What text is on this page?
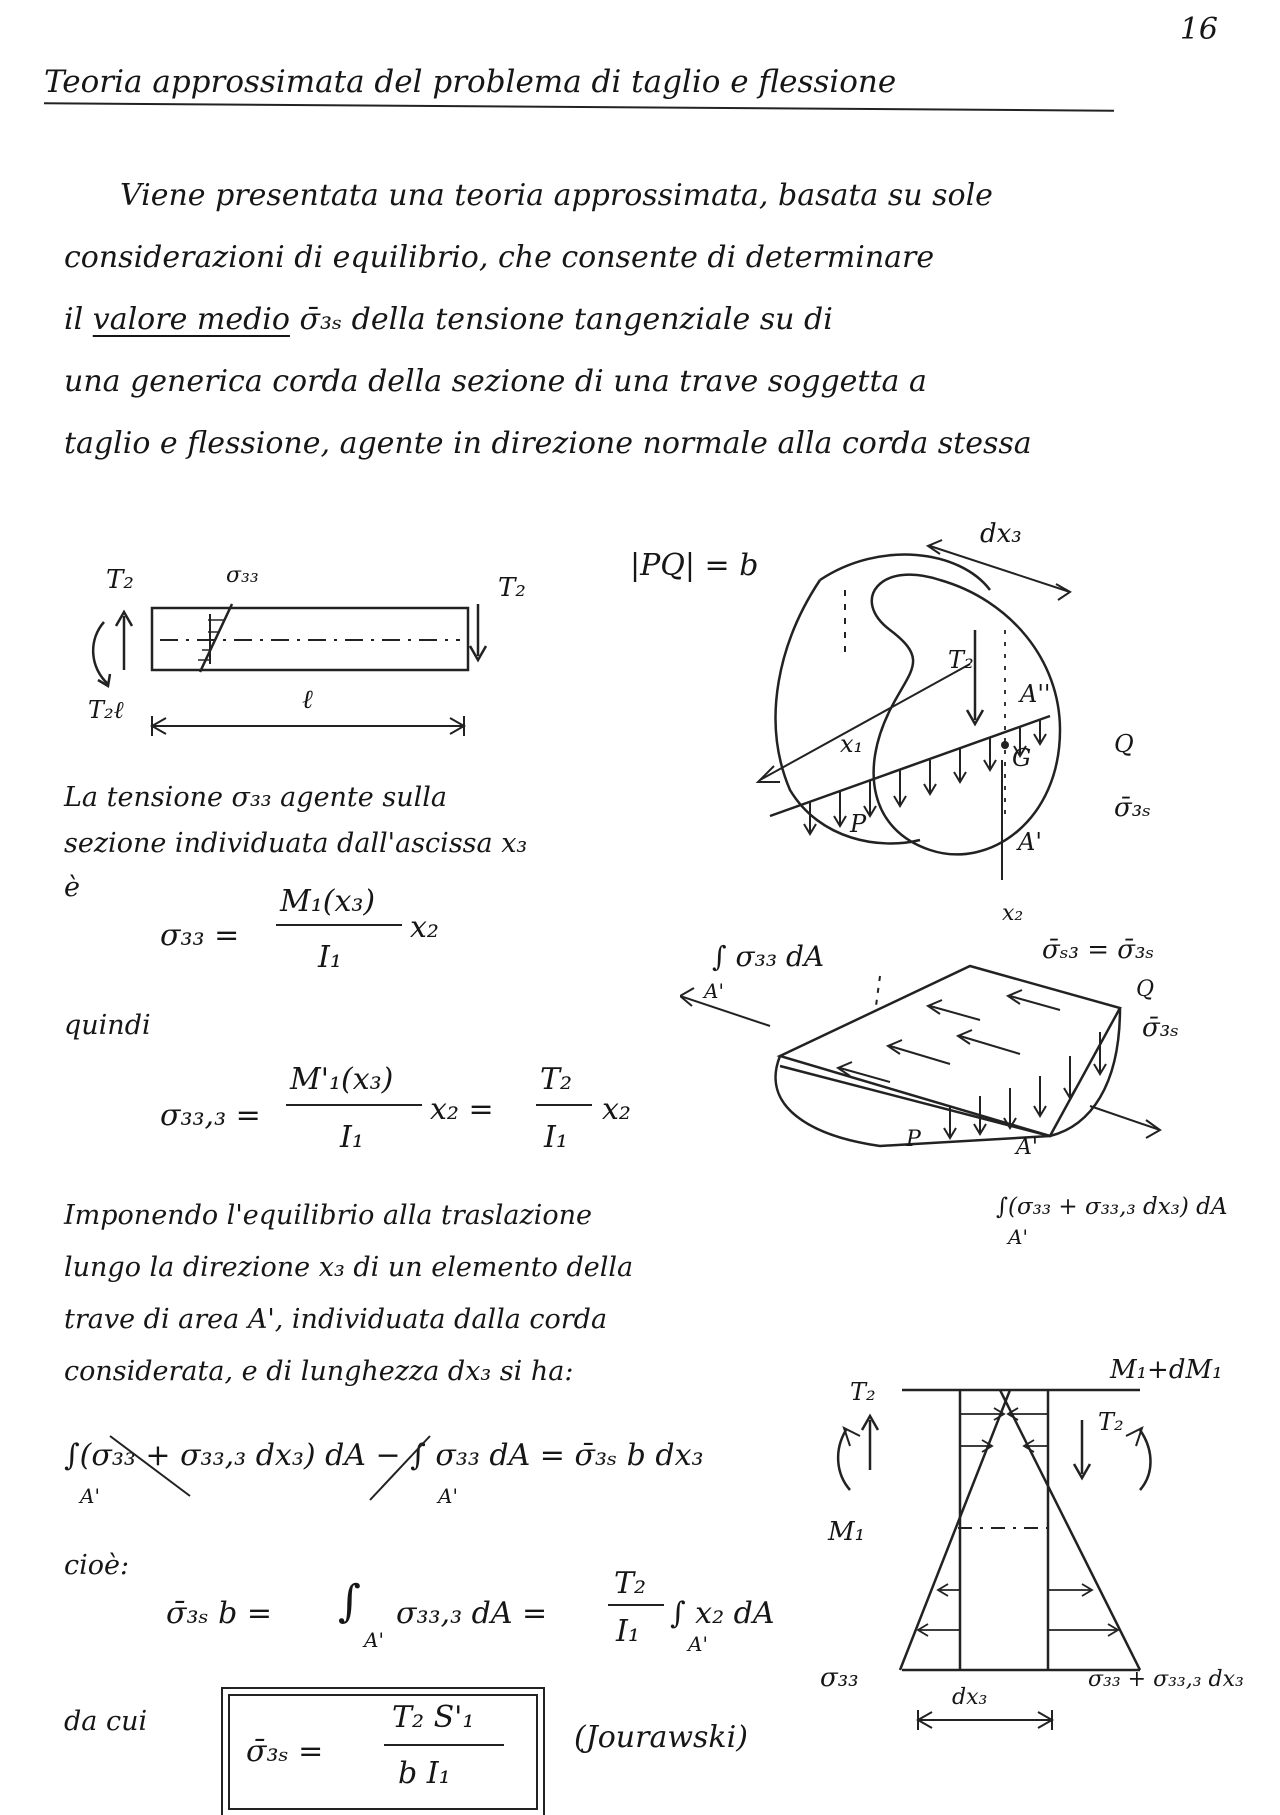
16
Teoria approssimata del problema di taglio e flessione
Viene presentata una teoria approssimata, basata su sole
considerazioni di equilibrio, che consente di determinare
il valore medio σ̄₃ₛ della tensione tangenziale su di
una generica corda della sezione di una trave soggetta a
taglio e flessione, agente in direzione normale alla corda stessa
T₂	T₂
σ₃₃
T₂ℓ	ℓ
|PQ| = b
dx₃
T₂
A''
x₁	G	Q
σ̄₃ₛ
P
A'
x₂
La tensione σ₃₃ agente sulla
sezione individuata dall'ascissa x₃
è
σ₃₃ =
M₁(x₃)
I₁
x₂
quindi
σ₃₃,₃ =
M'₁(x₃)
I₁
x₂ =
T₂
I₁
x₂
∫ σ₃₃ dA
A'
σ̄ₛ₃ = σ̄₃ₛ
Q
σ̄₃ₛ
P	A'
∫(σ₃₃ + σ₃₃,₃ dx₃) dA
A'
Imponendo l'equilibrio alla traslazione
lungo la direzione x₃ di un elemento della
trave di area A', individuata dalla corda
considerata, e di lunghezza dx₃ si ha:
∫(σ₃₃ + σ₃₃,₃ dx₃) dA − ∫ σ₃₃ dA = σ̄₃ₛ b dx₃
A'	A'
cioè:
σ̄₃ₛ b = ∫
A'
σ₃₃,₃ dA =
T₂
I₁
∫ x₂ dA
A'
da cui
σ̄₃ₛ =
T₂ S'₁
b I₁
(Jourawski)
M₁+dM₁
T₂
T₂
M₁
σ₃₃	σ₃₃ + σ₃₃,₃ dx₃
dx₃
